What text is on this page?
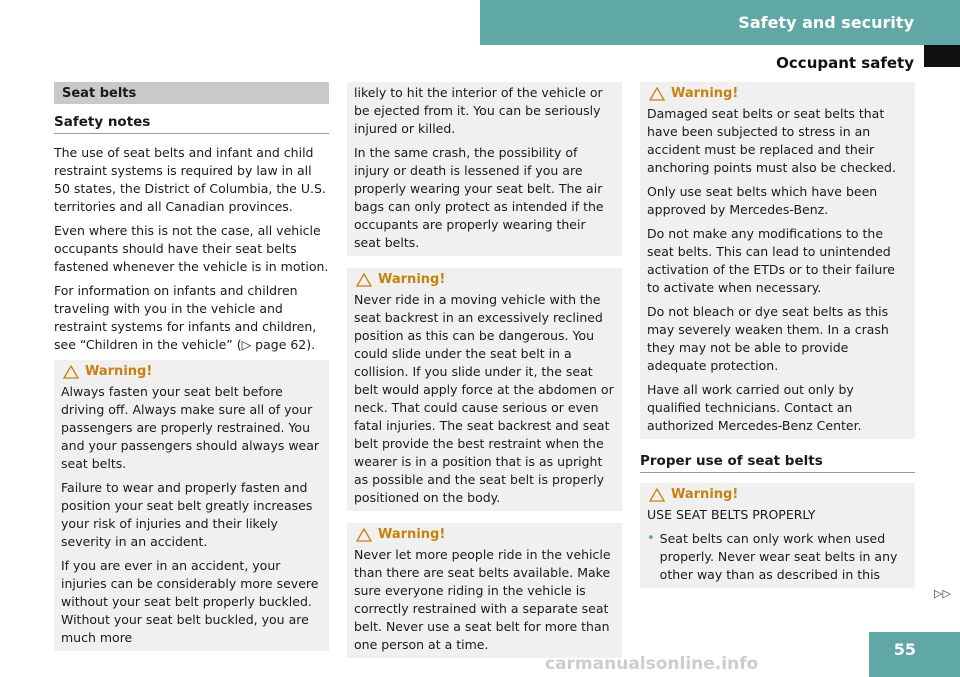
Safety and security
Occupant safety
Seat belts
Safety notes

The use of seat belts and infant and child restraint systems is required by law in all 50 states, the District of Columbia, the U.S. territories and all Canadian provinces.

Even where this is not the case, all vehicle occupants should have their seat belts fastened whenever the vehicle is in motion.

For information on infants and children traveling with you in the vehicle and restraint systems for infants and children, see “Children in the vehicle” (▷ page 62).

Warning!

Always fasten your seat belt before driving off. Always make sure all of your passengers are properly restrained. You and your passengers should always wear seat belts.

Failure to wear and properly fasten and position your seat belt greatly increases your risk of injuries and their likely severity in an accident.

If you are ever in an accident, your injuries can be considerably more severe without your seat belt properly buckled. Without your seat belt buckled, you are much more

likely to hit the interior of the vehicle or be ejected from it. You can be seriously injured or killed.

In the same crash, the possibility of injury or death is lessened if you are properly wearing your seat belt. The air bags can only protect as intended if the occupants are properly wearing their seat belts.

Warning!

Never ride in a moving vehicle with the seat backrest in an excessively reclined position as this can be dangerous. You could slide under the seat belt in a collision. If you slide under it, the seat belt would apply force at the abdomen or neck. That could cause serious or even fatal injuries. The seat backrest and seat belt provide the best restraint when the wearer is in a position that is as upright as possible and the seat belt is properly positioned on the body.

Warning!

Never let more people ride in the vehicle than there are seat belts available. Make sure everyone riding in the vehicle is correctly restrained with a separate seat belt. Never use a seat belt for more than one person at a time.

Warning!

Damaged seat belts or seat belts that have been subjected to stress in an accident must be replaced and their anchoring points must also be checked.

Only use seat belts which have been approved by Mercedes-Benz.

Do not make any modifications to the seat belts. This can lead to unintended activation of the ETDs or to their failure to activate when necessary.

Do not bleach or dye seat belts as this may severely weaken them. In a crash they may not be able to provide adequate protection.

Have all work carried out only by qualified technicians. Contact an authorized Mercedes-Benz Center.

Proper use of seat belts
Warning!

USE SEAT BELTS PROPERLY

• Seat belts can only work when used properly. Never wear seat belts in any other way than as described in this

▷▷
55
carmanualsonline.info
